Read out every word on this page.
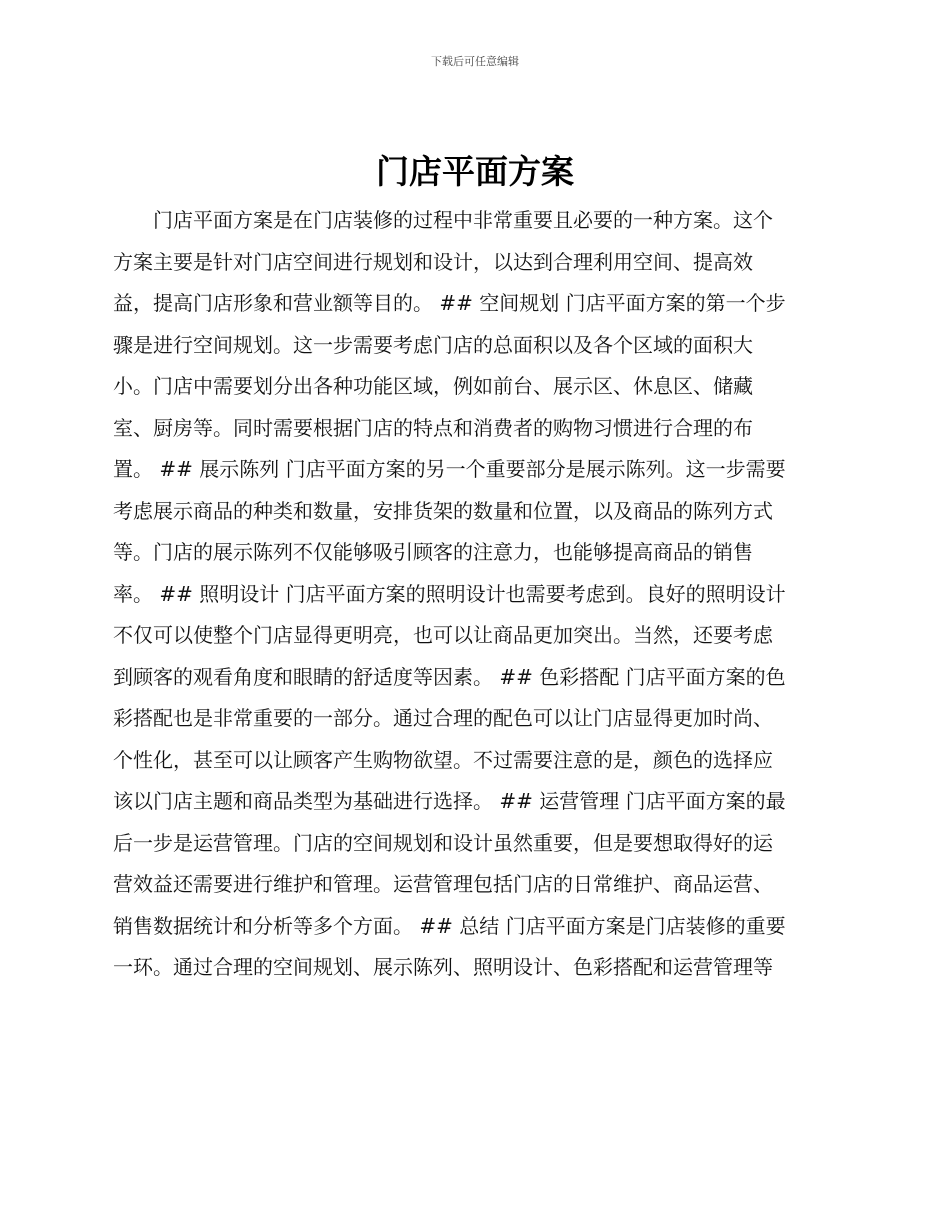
下载后可任意编辑
门店平面方案
　　门店平面方案是在门店装修的过程中非常重要且必要的一种方案。这个
方案主要是针对门店空间进行规划和设计，以达到合理利用空间、提高效
益，提高门店形象和营业额等目的。 ## 空间规划 门店平面方案的第一个步
骤是进行空间规划。这一步需要考虑门店的总面积以及各个区域的面积大
小。门店中需要划分出各种功能区域，例如前台、展示区、休息区、储藏
室、厨房等。同时需要根据门店的特点和消费者的购物习惯进行合理的布
置。 ## 展示陈列 门店平面方案的另一个重要部分是展示陈列。这一步需要
考虑展示商品的种类和数量，安排货架的数量和位置，以及商品的陈列方式
等。门店的展示陈列不仅能够吸引顾客的注意力，也能够提高商品的销售
率。 ## 照明设计 门店平面方案的照明设计也需要考虑到。良好的照明设计
不仅可以使整个门店显得更明亮，也可以让商品更加突出。当然，还要考虑
到顾客的观看角度和眼睛的舒适度等因素。 ## 色彩搭配 门店平面方案的色
彩搭配也是非常重要的一部分。通过合理的配色可以让门店显得更加时尚、
个性化，甚至可以让顾客产生购物欲望。不过需要注意的是，颜色的选择应
该以门店主题和商品类型为基础进行选择。 ## 运营管理 门店平面方案的最
后一步是运营管理。门店的空间规划和设计虽然重要，但是要想取得好的运
营效益还需要进行维护和管理。运营管理包括门店的日常维护、商品运营、
销售数据统计和分析等多个方面。 ## 总结 门店平面方案是门店装修的重要
一环。通过合理的空间规划、展示陈列、照明设计、色彩搭配和运营管理等
